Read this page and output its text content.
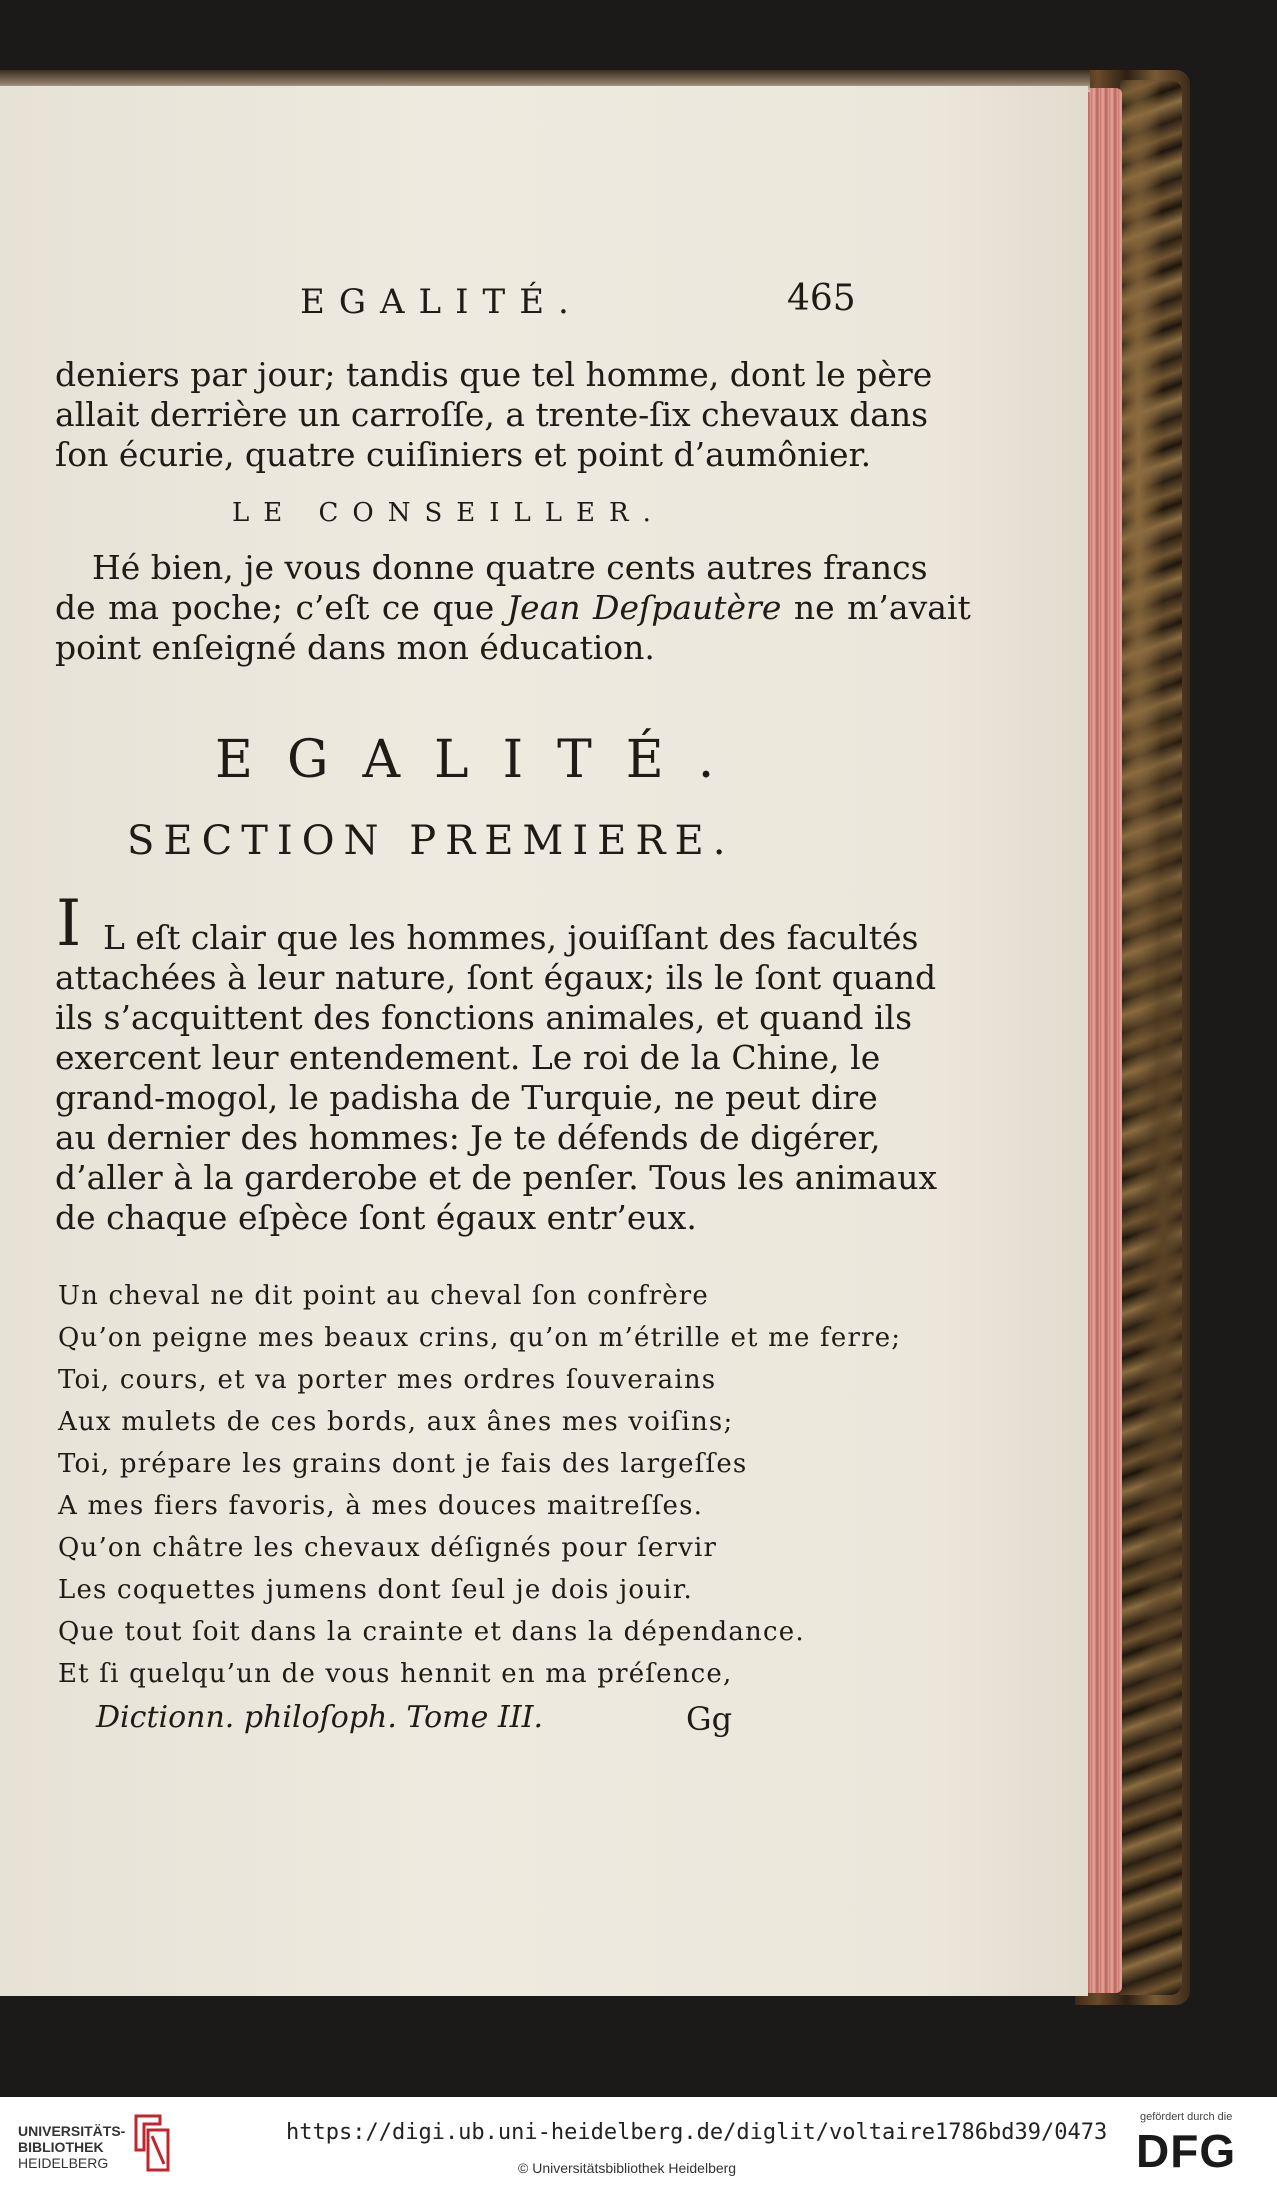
EGALITÉ.	465
deniers par jour; tandis que tel homme, dont le père
allait derrière un carroſſe, a trente-ſix chevaux dans
ſon écurie, quatre cuiſiniers et point d’aumônier.
LE CONSEILLER.
Hé bien, je vous donne quatre cents autres francs
de ma poche; c’eſt ce que Jean Deſpautère ne m’avait
point enſeigné dans mon éducation.
EGALITÉ.
SECTION PREMIERE.
I L eſt clair que les hommes, jouiſſant des facultés
attachées à leur nature, ſont égaux; ils le ſont quand
ils s’acquittent des fonctions animales, et quand ils
exercent leur entendement. Le roi de la Chine, le
grand-mogol, le padisha de Turquie, ne peut dire
au dernier des hommes: Je te défends de digérer,
d’aller à la garderobe et de penſer. Tous les animaux
de chaque eſpèce ſont égaux entr’eux.
Un cheval ne dit point au cheval ſon confrère
Qu’on peigne mes beaux crins, qu’on m’étrille et me ferre;
Toi, cours, et va porter mes ordres ſouverains
Aux mulets de ces bords, aux ânes mes voiſins;
Toi, prépare les grains dont je fais des largeſſes
A mes fiers favoris, à mes douces maitreſſes.
Qu’on châtre les chevaux déſignés pour ſervir
Les coquettes jumens dont ſeul je dois jouir.
Que tout ſoit dans la crainte et dans la dépendance.
Et ſi quelqu’un de vous hennit en ma préſence,
Dictionn. philoſoph. Tome III.	Gg
UNIVERSITÄTS-
BIBLIOTHEK
HEIDELBERG
https://digi.ub.uni-heidelberg.de/diglit/voltaire1786bd39/0473
© Universitätsbibliothek Heidelberg
gefördert durch die
DFG
